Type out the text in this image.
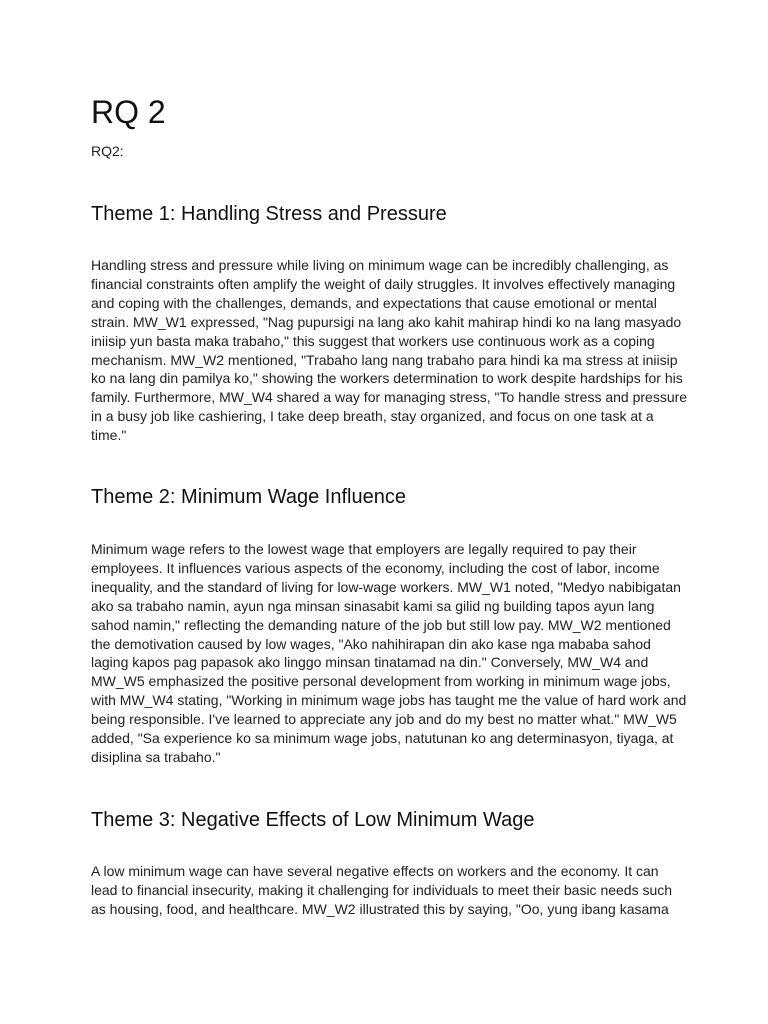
RQ 2

RQ2:

Theme 1: Handling Stress and Pressure
Handling stress and pressure while living on minimum wage can be incredibly challenging, as
financial constraints often amplify the weight of daily struggles. It involves effectively managing
and coping with the challenges, demands, and expectations that cause emotional or mental
strain. MW_W1 expressed, "Nag pupursigi na lang ako kahit mahirap hindi ko na lang masyado
iniisip yun basta maka trabaho," this suggest that workers use continuous work as a coping
mechanism. MW_W2 mentioned, "Trabaho lang nang trabaho para hindi ka ma stress at iniisip
ko na lang din pamilya ko," showing the workers determination to work despite hardships for his
family. Furthermore, MW_W4 shared a way for managing stress, "To handle stress and pressure
in a busy job like cashiering, I take deep breath, stay organized, and focus on one task at a
time."
Theme 2: Minimum Wage Influence
Minimum wage refers to the lowest wage that employers are legally required to pay their
employees. It influences various aspects of the economy, including the cost of labor, income
inequality, and the standard of living for low-wage workers. MW_W1 noted, "Medyo nabibigatan
ako sa trabaho namin, ayun nga minsan sinasabit kami sa gilid ng building tapos ayun lang
sahod namin," reflecting the demanding nature of the job but still low pay. MW_W2 mentioned
the demotivation caused by low wages, "Ako nahihirapan din ako kase nga mababa sahod
laging kapos pag papasok ako linggo minsan tinatamad na din." Conversely, MW_W4 and
MW_W5 emphasized the positive personal development from working in minimum wage jobs,
with MW_W4 stating, "Working in minimum wage jobs has taught me the value of hard work and
being responsible. I've learned to appreciate any job and do my best no matter what." MW_W5
added, "Sa experience ko sa minimum wage jobs, natutunan ko ang determinasyon, tiyaga, at
disiplina sa trabaho."
Theme 3: Negative Effects of Low Minimum Wage
A low minimum wage can have several negative effects on workers and the economy. It can
lead to financial insecurity, making it challenging for individuals to meet their basic needs such
as housing, food, and healthcare. MW_W2 illustrated this by saying, "Oo, yung ibang kasama
